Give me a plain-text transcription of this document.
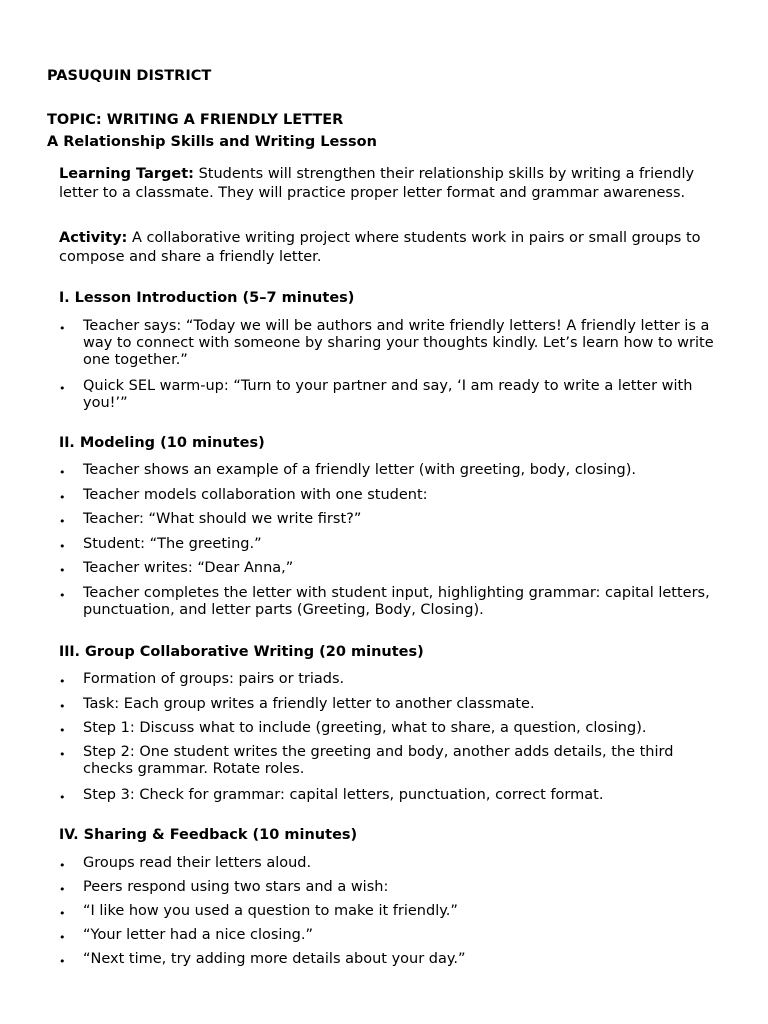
PASUQUIN DISTRICT
TOPIC: WRITING A FRIENDLY LETTER
A Relationship Skills and Writing Lesson

Learning Target: Students will strengthen their relationship skills by writing a friendly letter to a classmate. They will practice proper letter format and grammar awareness.

Activity: A collaborative writing project where students work in pairs or small groups to compose and share a friendly letter.

I. Lesson Introduction (5–7 minutes)
• Teacher says: “Today we will be authors and write friendly letters! A friendly letter is a way to connect with someone by sharing your thoughts kindly. Let’s learn how to write one together.”
• Quick SEL warm-up: “Turn to your partner and say, ‘I am ready to write a letter with you!’”
II. Modeling (10 minutes)
• Teacher shows an example of a friendly letter (with greeting, body, closing).
• Teacher models collaboration with one student:
• Teacher: “What should we write first?”
• Student: “The greeting.”
• Teacher writes: “Dear Anna,”
• Teacher completes the letter with student input, highlighting grammar: capital letters, punctuation, and letter parts (Greeting, Body, Closing).
III. Group Collaborative Writing (20 minutes)
• Formation of groups: pairs or triads.
• Task: Each group writes a friendly letter to another classmate.
• Step 1: Discuss what to include (greeting, what to share, a question, closing).
• Step 2: One student writes the greeting and body, another adds details, the third checks grammar. Rotate roles.
• Step 3: Check for grammar: capital letters, punctuation, correct format.
IV. Sharing & Feedback (10 minutes)
• Groups read their letters aloud.
• Peers respond using two stars and a wish:
• “I like how you used a question to make it friendly.”
• “Your letter had a nice closing.”
• “Next time, try adding more details about your day.”
